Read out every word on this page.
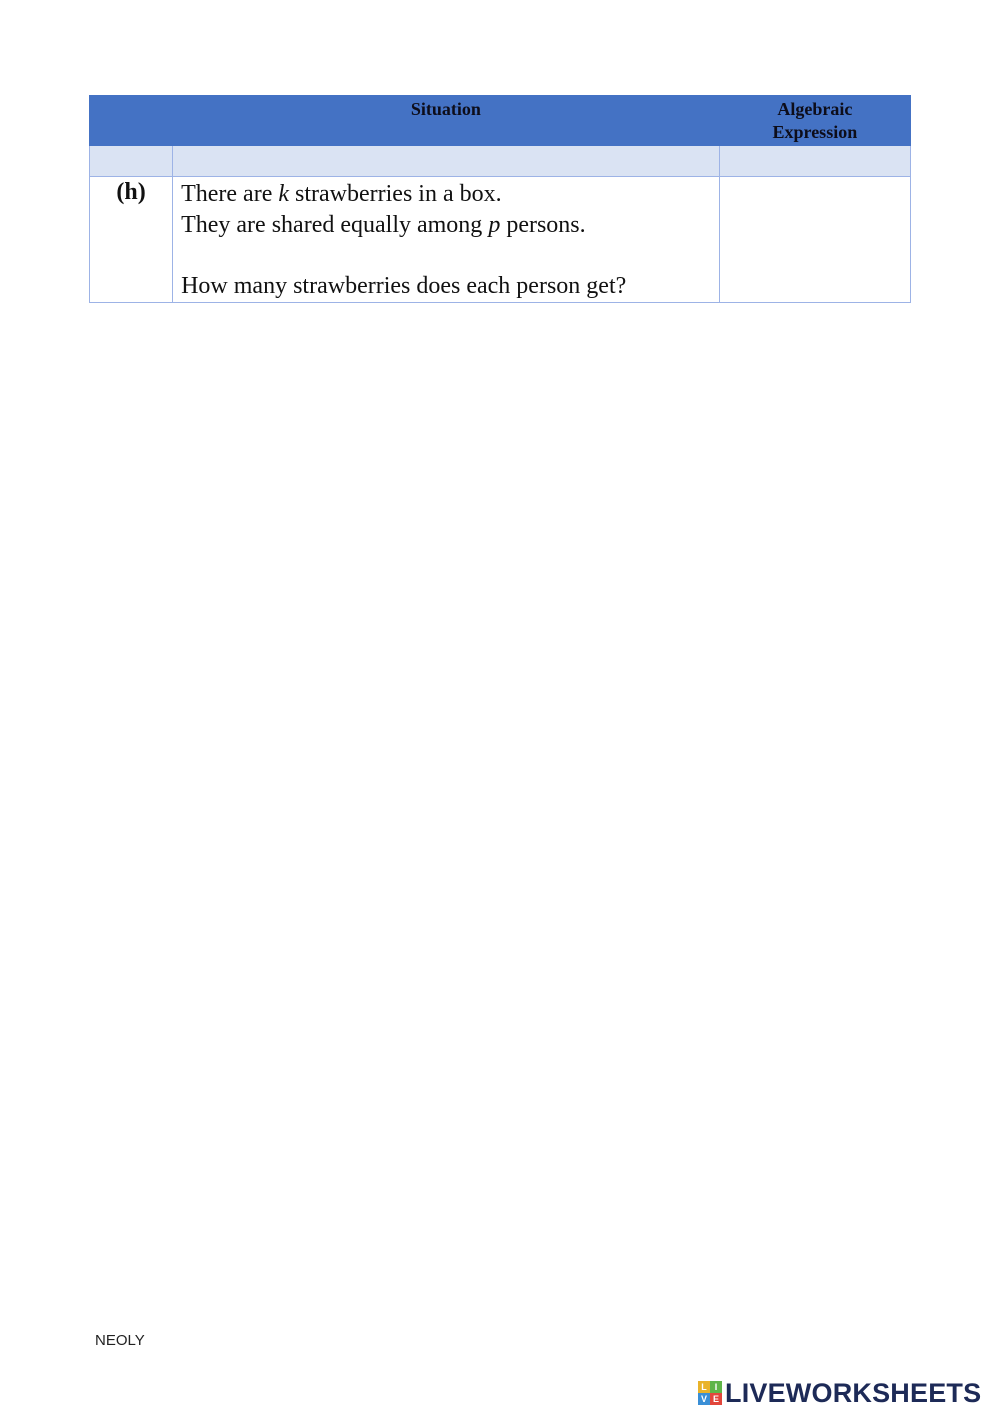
	Situation	Algebraic
Expression

(h)	There are k strawberries in a box.
They are shared equally among p persons.
How many strawberries does each person get?	

NEOLY
L I
V E LIVEWORKSHEETS
